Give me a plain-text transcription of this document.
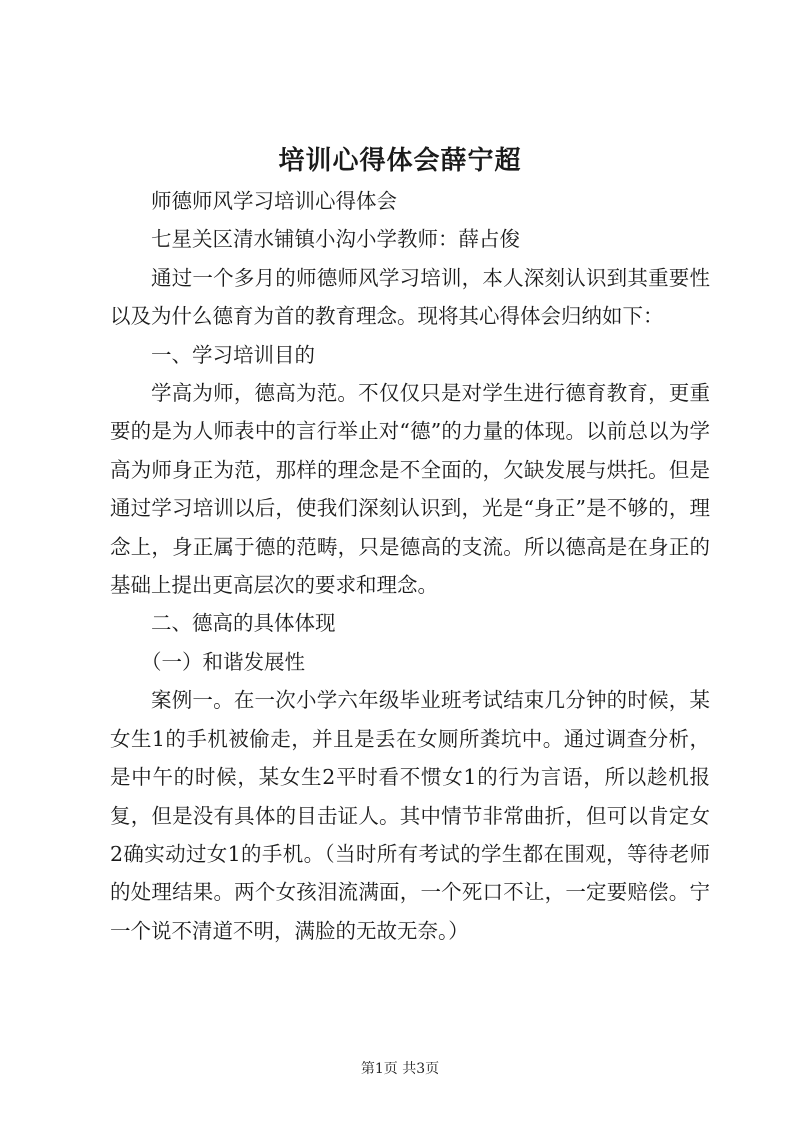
培训心得体会薛宁超

师德师风学习培训心得体会

七星关区清水铺镇小沟小学教师：薛占俊

通过一个多月的师德师风学习培训，本人深刻认识到其重要性以及为什么德育为首的教育理念。现将其心得体会归纳如下：

一、学习培训目的

学高为师，德高为范。不仅仅只是对学生进行德育教育，更重要的是为人师表中的言行举止对“德”的力量的体现。以前总以为学高为师身正为范，那样的理念是不全面的，欠缺发展与烘托。但是通过学习培训以后，使我们深刻认识到，光是“身正”是不够的，理念上，身正属于德的范畴，只是德高的支流。所以德高是在身正的基础上提出更高层次的要求和理念。

二、德高的具体体现

（一）和谐发展性

案例一。在一次小学六年级毕业班考试结束几分钟的时候，某女生1的手机被偷走，并且是丢在女厕所粪坑中。通过调查分析，是中午的时候，某女生2平时看不惯女1的行为言语，所以趁机报复，但是没有具体的目击证人。其中情节非常曲折，但可以肯定女2确实动过女1的手机。（当时所有考试的学生都在围观，等待老师的处理结果。两个女孩泪流满面，一个死口不让，一定要赔偿。宁一个说不清道不明，满脸的无故无奈。）

第1页 共3页
